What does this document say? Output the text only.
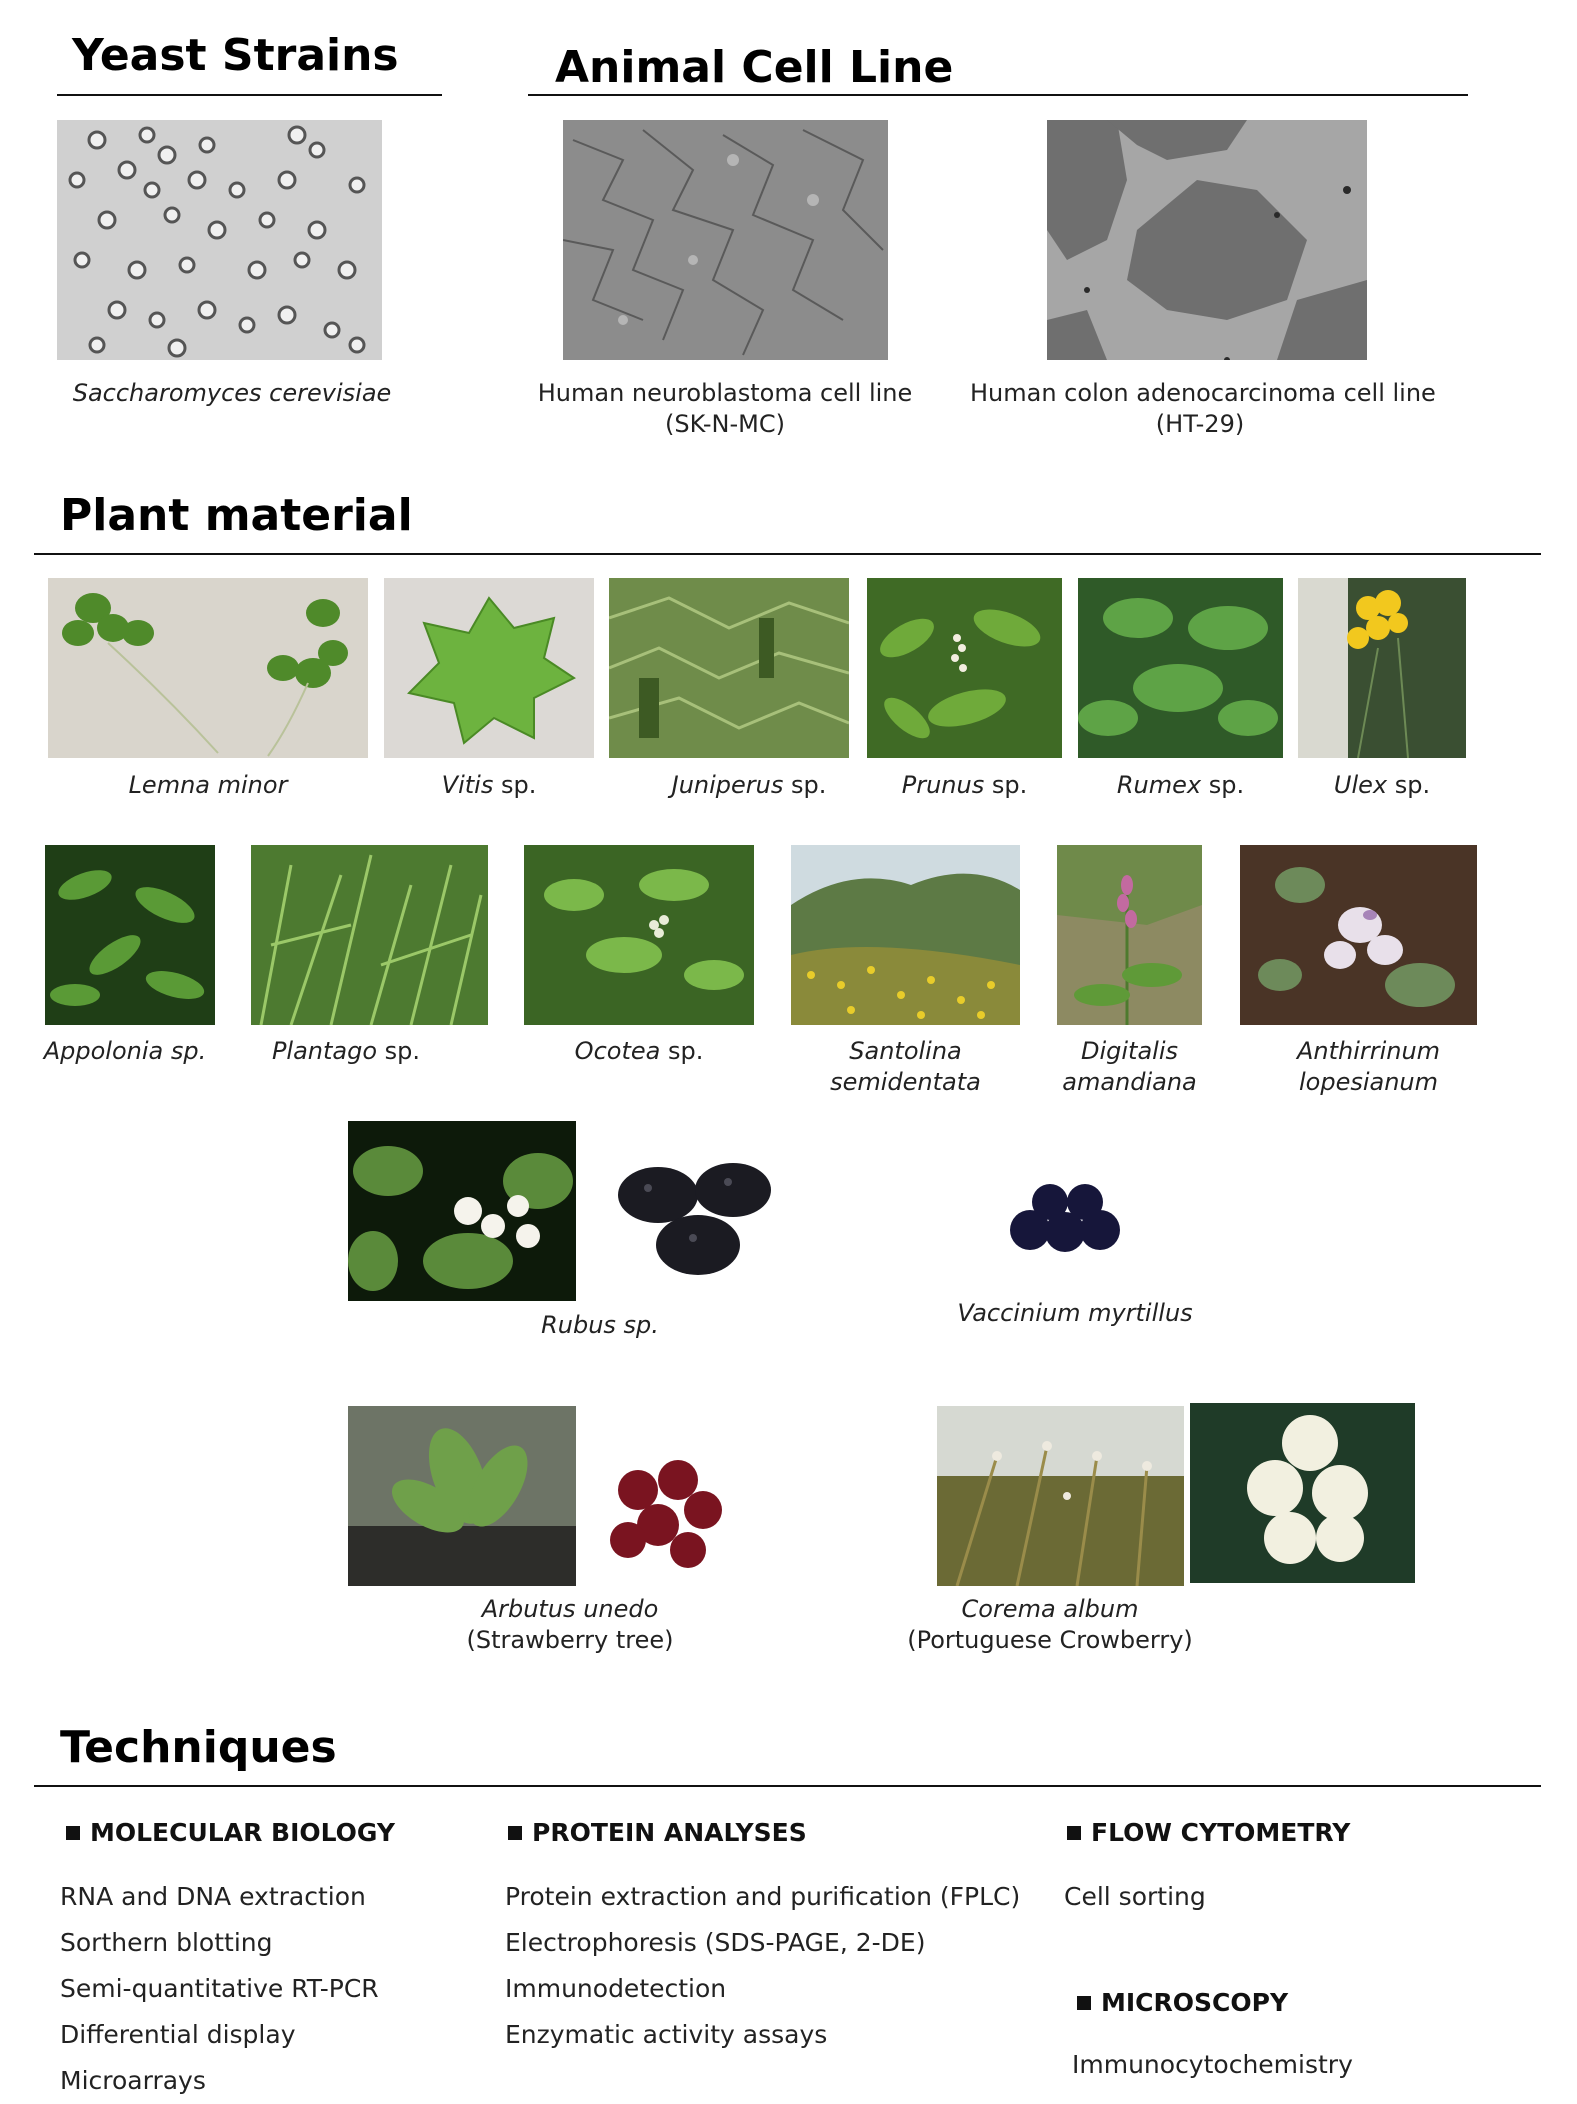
Yeast Strains
Saccharomyces cerevisiae
Animal Cell Line
Human neuroblastoma cell line
(SK-N-MC)
Human colon adenocarcinoma cell line
(HT-29)
Plant material
Lemna minor	Vitis sp.	Juniperus sp.	Prunus sp.	Rumex sp.	Ulex sp.
Appolonia sp.	Plantago sp.	Ocotea sp.	Santolina
semidentata
Digitalis
amandiana
Anthirrinum
lopesianum
Rubus sp.	Vaccinium myrtillus
Arbutus unedo
(Strawberry tree)
Corema album
(Portuguese Crowberry)
Techniques
MOLECULAR BIOLOGY
RNA and DNA extraction
Sorthern blotting
Semi-quantitative RT-PCR
Differential display
Microarrays
PROTEIN ANALYSES
Protein extraction and purification (FPLC)
Electrophoresis (SDS-PAGE, 2-DE)
Immunodetection
Enzymatic activity assays
FLOW CYTOMETRY
Cell sorting
MICROSCOPY
Immunocytochemistry
